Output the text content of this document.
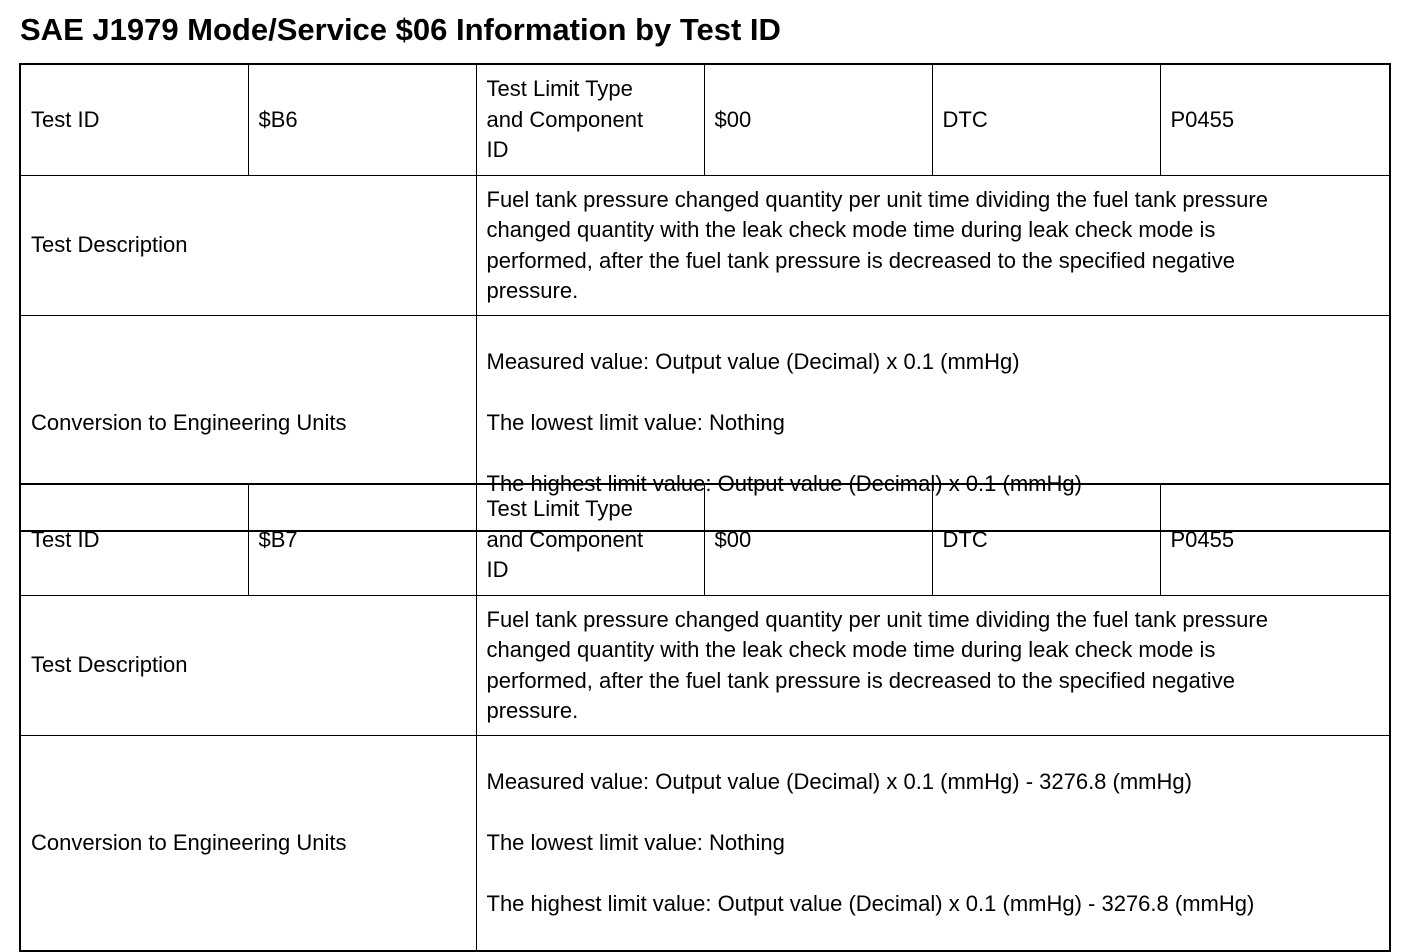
SAE J1979 Mode/Service $06 Information by Test ID
Test ID	$B6	Test Limit Type
and Component
ID	$00	DTC	P0455
Test Description		Fuel tank pressure changed quantity per unit time dividing the fuel tank pressure
changed quantity with the leak check mode time during leak check mode is
performed, after the fuel tank pressure is decreased to the specified negative
pressure.			
Conversion to Engineering Units		Measured value: Output value (Decimal) x 0.1 (mmHg)

The lowest limit value: Nothing

The highest limit value: Output value (Decimal) x 0.1 (mmHg)			

Test ID	$B7	Test Limit Type
and Component
ID	$00	DTC	P0455
Test Description		Fuel tank pressure changed quantity per unit time dividing the fuel tank pressure
changed quantity with the leak check mode time during leak check mode is
performed, after the fuel tank pressure is decreased to the specified negative
pressure.			
Conversion to Engineering Units		Measured value: Output value (Decimal) x 0.1 (mmHg) - 3276.8 (mmHg)

The lowest limit value: Nothing

The highest limit value: Output value (Decimal) x 0.1 (mmHg) - 3276.8 (mmHg)			
